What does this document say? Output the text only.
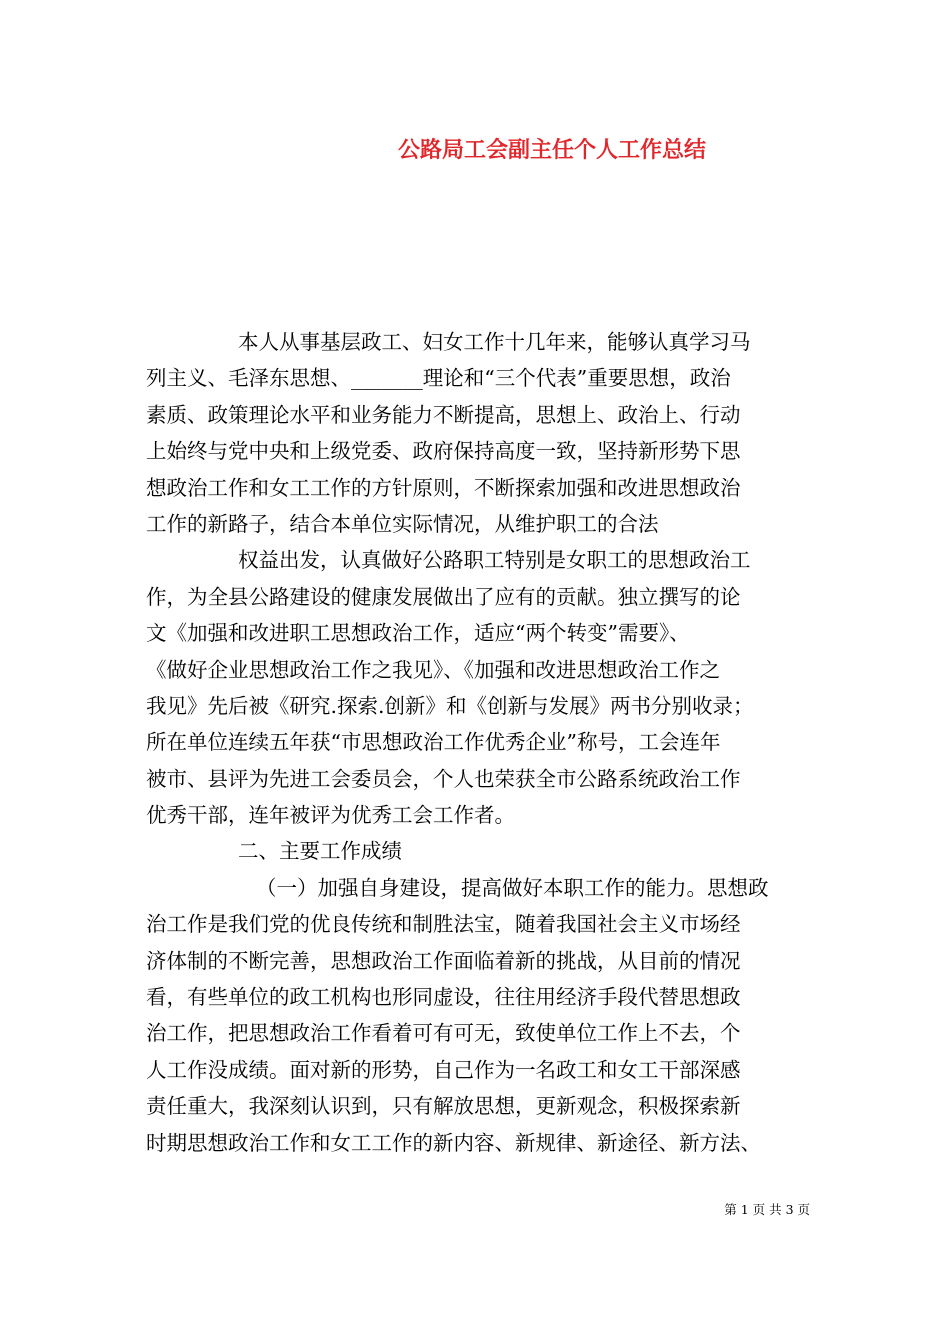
公路局工会副主任个人工作总结
本人从事基层政工、妇女工作十几年来，能够认真学习马
列主义、毛泽东思想、_______理论和“三个代表”重要思想，政治
素质、政策理论水平和业务能力不断提高，思想上、政治上、行动
上始终与党中央和上级党委、政府保持高度一致，坚持新形势下思
想政治工作和女工工作的方针原则，不断探索加强和改进思想政治
工作的新路子，结合本单位实际情况，从维护职工的合法
权益出发，认真做好公路职工特别是女职工的思想政治工
作，为全县公路建设的健康发展做出了应有的贡献。独立撰写的论
文《加强和改进职工思想政治工作，适应“两个转变”需要》、
《做好企业思想政治工作之我见》、《加强和改进思想政治工作之
我见》先后被《研究.探索.创新》和《创新与发展》两书分别收录；
所在单位连续五年获“市思想政治工作优秀企业”称号，工会连年
被市、县评为先进工会委员会，个人也荣获全市公路系统政治工作
优秀干部，连年被评为优秀工会工作者。
二、主要工作成绩
（一）加强自身建设，提高做好本职工作的能力。思想政
治工作是我们党的优良传统和制胜法宝，随着我国社会主义市场经
济体制的不断完善，思想政治工作面临着新的挑战，从目前的情况
看，有些单位的政工机构也形同虚设，往往用经济手段代替思想政
治工作，把思想政治工作看着可有可无，致使单位工作上不去，个
人工作没成绩。面对新的形势，自己作为一名政工和女工干部深感
责任重大，我深刻认识到，只有解放思想，更新观念，积极探索新
时期思想政治工作和女工工作的新内容、新规律、新途径、新方法、
第 1 页 共 3 页
